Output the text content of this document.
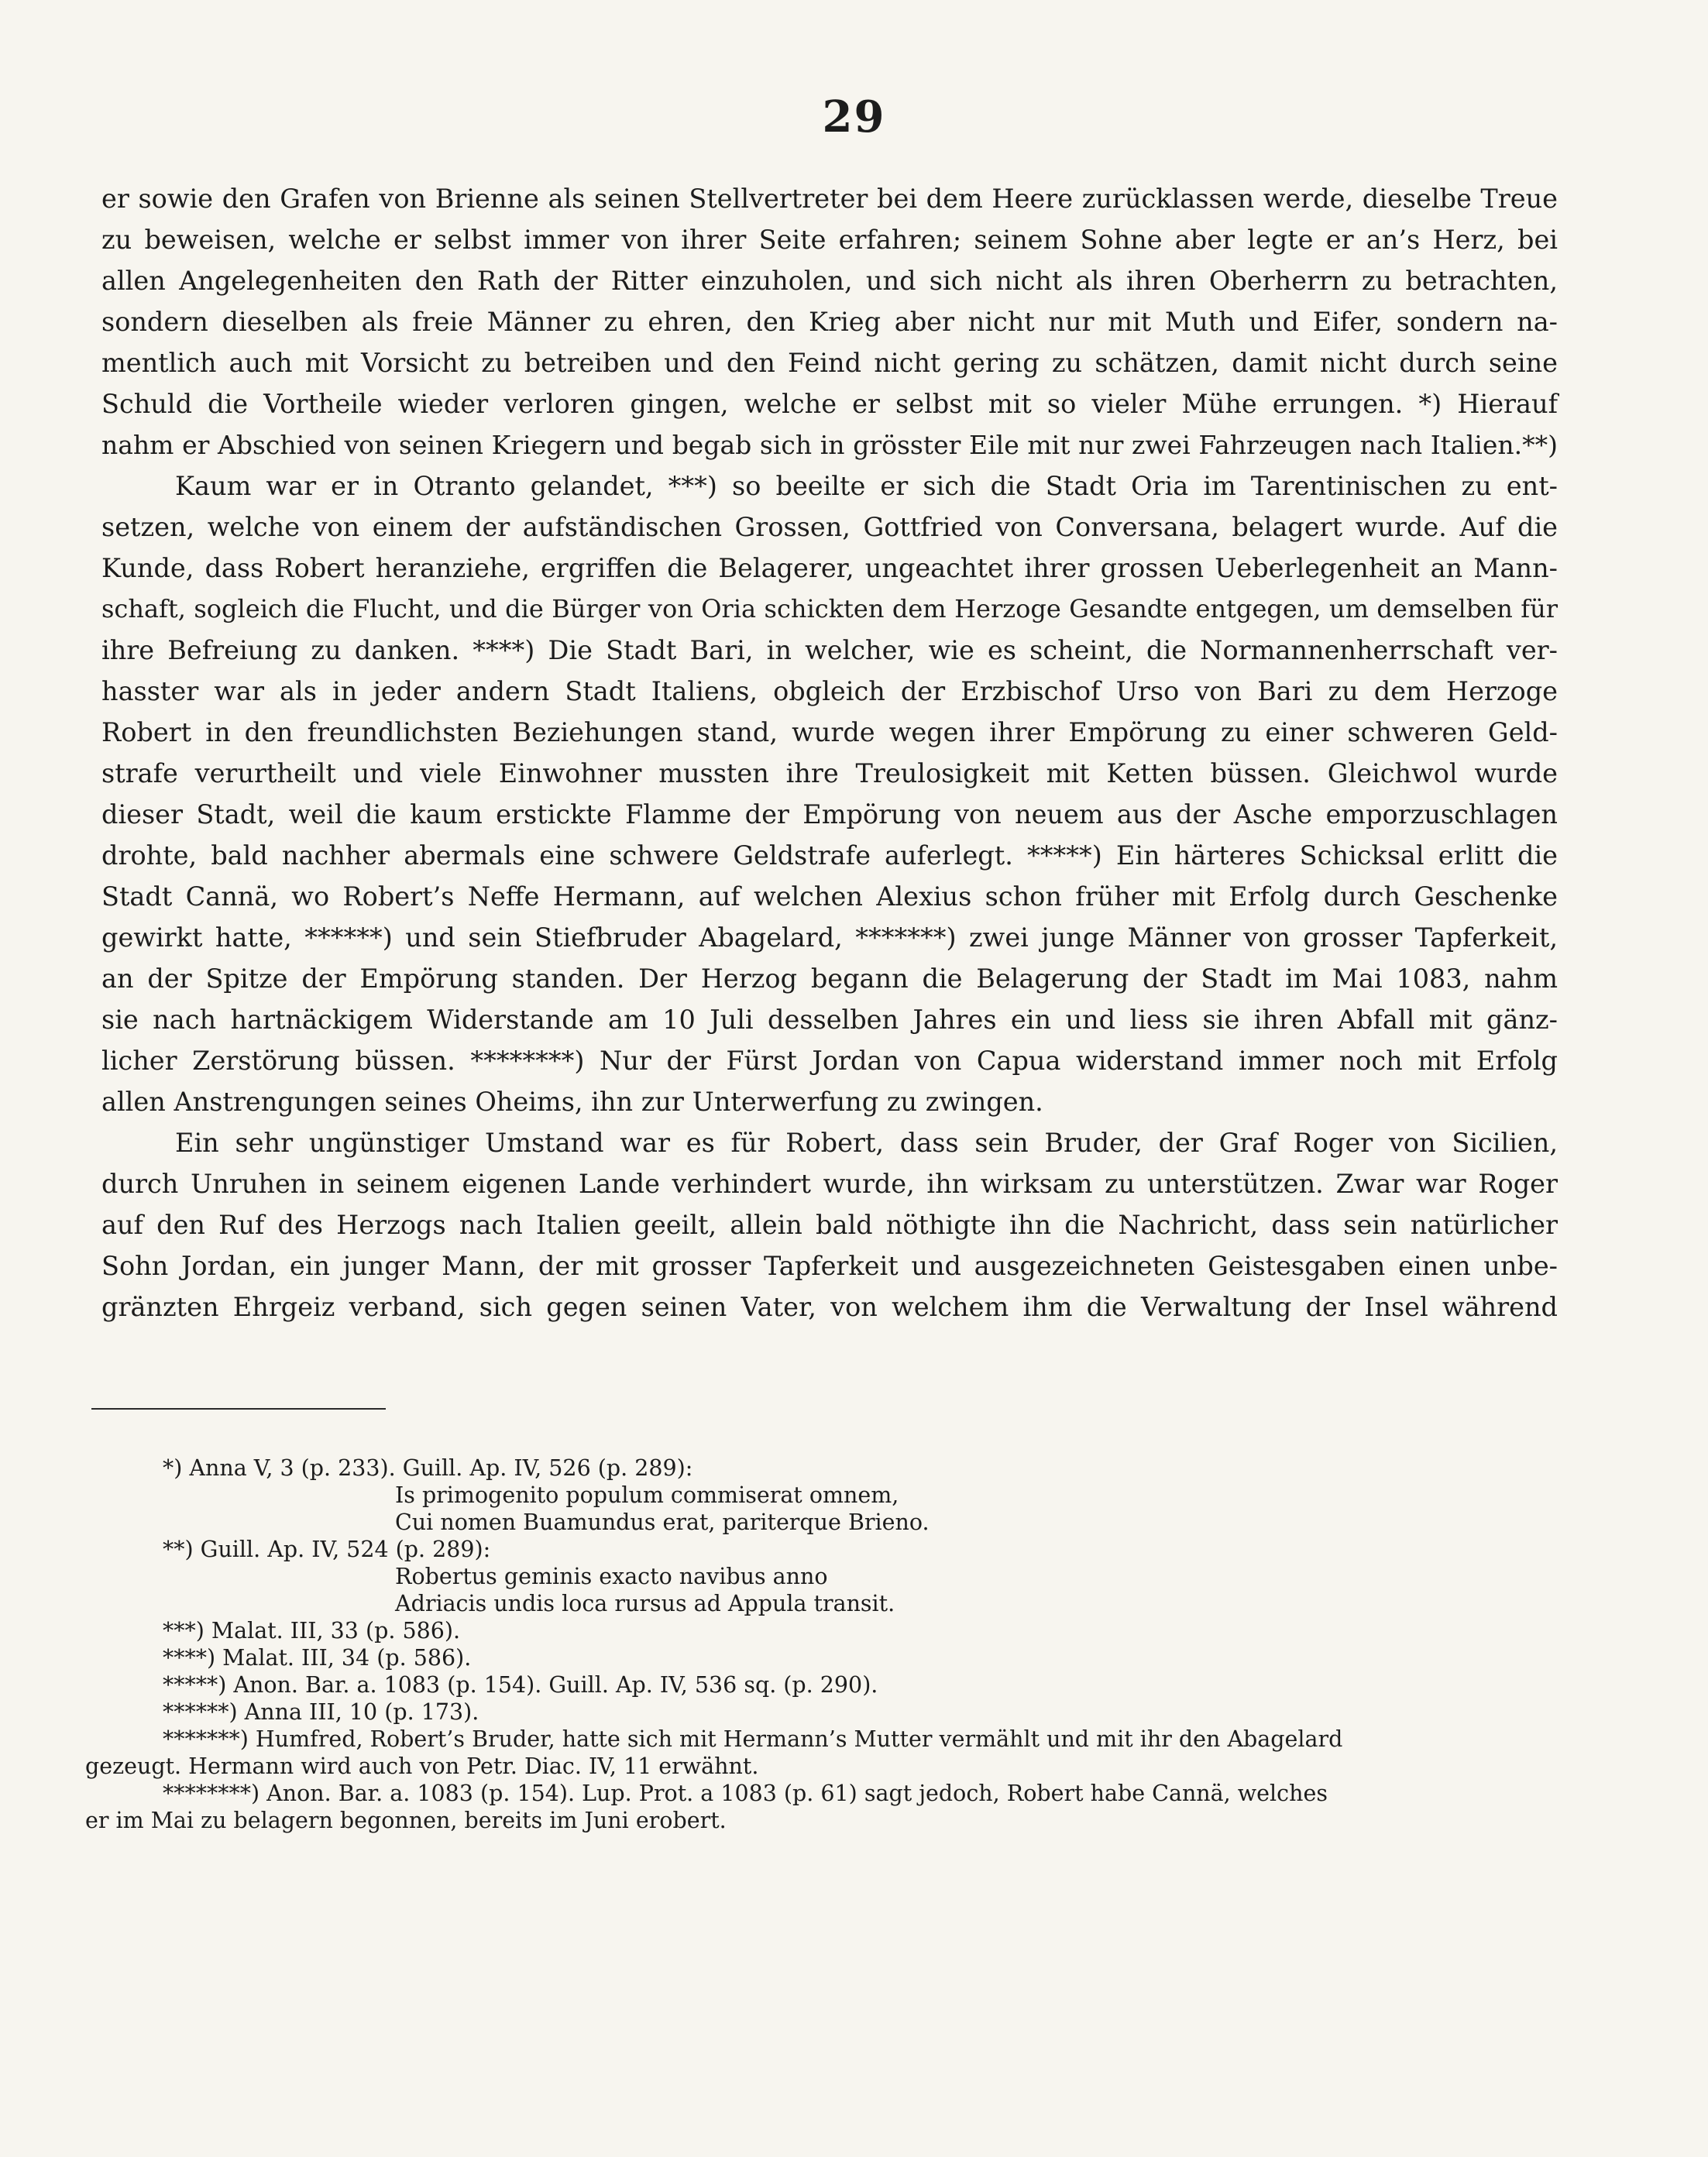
29
er sowie den Grafen von Brienne als seinen Stellvertreter bei dem Heere zurücklassen werde, dieselbe Treue
zu beweisen, welche er selbst immer von ihrer Seite erfahren; seinem Sohne aber legte er an’s Herz, bei
allen Angelegenheiten den Rath der Ritter einzuholen, und sich nicht als ihren Oberherrn zu betrachten,
sondern dieselben als freie Männer zu ehren, den Krieg aber nicht nur mit Muth und Eifer, sondern na-
mentlich auch mit Vorsicht zu betreiben und den Feind nicht gering zu schätzen, damit nicht durch seine
Schuld die Vortheile wieder verloren gingen, welche er selbst mit so vieler Mühe errungen. *) Hierauf
nahm er Abschied von seinen Kriegern und begab sich in grösster Eile mit nur zwei Fahrzeugen nach Italien.**)
Kaum war er in Otranto gelandet, ***) so beeilte er sich die Stadt Oria im Tarentinischen zu ent-
setzen, welche von einem der aufständischen Grossen, Gottfried von Conversana, belagert wurde. Auf die
Kunde, dass Robert heranziehe, ergriffen die Belagerer, ungeachtet ihrer grossen Ueberlegenheit an Mann-
schaft, sogleich die Flucht, und die Bürger von Oria schickten dem Herzoge Gesandte entgegen, um demselben für
ihre Befreiung zu danken. ****) Die Stadt Bari, in welcher, wie es scheint, die Normannenherrschaft ver-
hasster war als in jeder andern Stadt Italiens, obgleich der Erzbischof Urso von Bari zu dem Herzoge
Robert in den freundlichsten Beziehungen stand, wurde wegen ihrer Empörung zu einer schweren Geld-
strafe verurtheilt und viele Einwohner mussten ihre Treulosigkeit mit Ketten büssen. Gleichwol wurde
dieser Stadt, weil die kaum erstickte Flamme der Empörung von neuem aus der Asche emporzuschlagen
drohte, bald nachher abermals eine schwere Geldstrafe auferlegt. *****) Ein härteres Schicksal erlitt die
Stadt Cannä, wo Robert’s Neffe Hermann, auf welchen Alexius schon früher mit Erfolg durch Geschenke
gewirkt hatte, ******) und sein Stiefbruder Abagelard, *******) zwei junge Männer von grosser Tapferkeit,
an der Spitze der Empörung standen. Der Herzog begann die Belagerung der Stadt im Mai 1083, nahm
sie nach hartnäckigem Widerstande am 10 Juli desselben Jahres ein und liess sie ihren Abfall mit gänz-
licher Zerstörung büssen. ********) Nur der Fürst Jordan von Capua widerstand immer noch mit Erfolg
allen Anstrengungen seines Oheims, ihn zur Unterwerfung zu zwingen.
Ein sehr ungünstiger Umstand war es für Robert, dass sein Bruder, der Graf Roger von Sicilien,
durch Unruhen in seinem eigenen Lande verhindert wurde, ihn wirksam zu unterstützen. Zwar war Roger
auf den Ruf des Herzogs nach Italien geeilt, allein bald nöthigte ihn die Nachricht, dass sein natürlicher
Sohn Jordan, ein junger Mann, der mit grosser Tapferkeit und ausgezeichneten Geistesgaben einen unbe-
gränzten Ehrgeiz verband, sich gegen seinen Vater, von welchem ihm die Verwaltung der Insel während
*) Anna V, 3 (p. 233). Guill. Ap. IV, 526 (p. 289):
Is primogenito populum commiserat omnem,
Cui nomen Buamundus erat, pariterque Brieno.
**) Guill. Ap. IV, 524 (p. 289):
Robertus geminis exacto navibus anno
Adriacis undis loca rursus ad Appula transit.
***) Malat. III, 33 (p. 586).
****) Malat. III, 34 (p. 586).
*****) Anon. Bar. a. 1083 (p. 154). Guill. Ap. IV, 536 sq. (p. 290).
******) Anna III, 10 (p. 173).
*******) Humfred, Robert’s Bruder, hatte sich mit Hermann’s Mutter vermählt und mit ihr den Abagelard
gezeugt. Hermann wird auch von Petr. Diac. IV, 11 erwähnt.
********) Anon. Bar. a. 1083 (p. 154). Lup. Prot. a 1083 (p. 61) sagt jedoch, Robert habe Cannä, welches
er im Mai zu belagern begonnen, bereits im Juni erobert.
